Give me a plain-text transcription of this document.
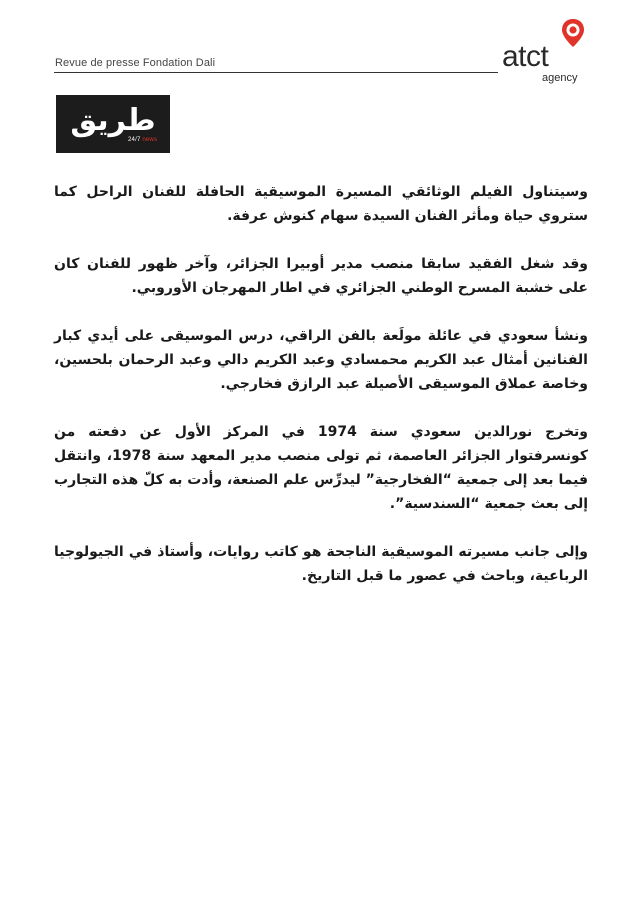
Revue de presse Fondation Dali	atct
agency
طريق
24/7 news

وسيتناول الفيلم الوثائقي المسيرة الموسيقية الحافلة للفنان الراحل كما ستروي حياة ومأثر الفنان السيدة سهام كنوش عرفة.

وقد شغل الفقيد سابقا منصب مدير أوبيرا الجزائر، وآخر ظهور للفنان كان على خشبة المسرح الوطني الجزائري في اطار المهرجان الأوروبي.

ونشأ سعودي في عائلة مولَعة بالفن الراقي، درس الموسيقى على أيدي كبار الفنانين أمثال عبد الكريم محمسادي وعبد الكريم دالي وعبد الرحمان بلحسين، وخاصة عملاق الموسيقى الأصيلة عبد الرازق فخارجي.

وتخرج نورالدين سعودي سنة 1974 في المركز الأول عن دفعته من كونسرفتوار الجزائر العاصمة، ثم تولى منصب مدير المعهد سنة 1978، وانتقل فيما بعد إلى جمعية “الفخارجية” ليدرِّس علم الصنعة، وأدت به كلّ هذه التجارب إلى بعث جمعية “السندسية”.

وإلى جانب مسيرته الموسيقية الناجحة هو كاتب روايات، وأستاذ في الجيولوجيا الرباعية، وباحث في عصور ما قبل التاريخ.
